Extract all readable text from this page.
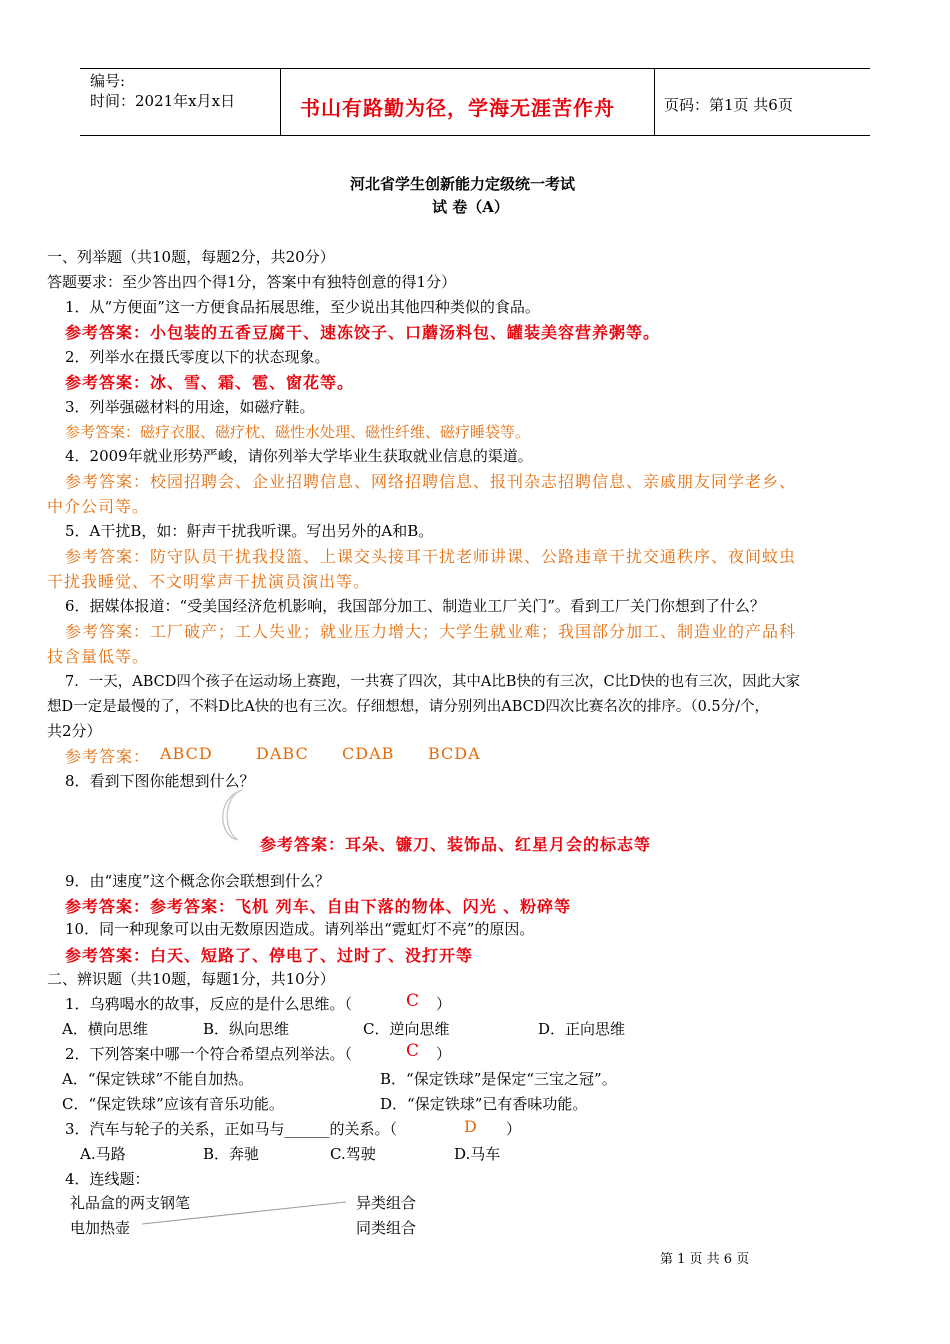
编号:
时间：2021年x月x日	书山有路勤为径，学海无涯苦作舟	页码：第1页 共6页
河北省学生创新能力定级统一考试
试 卷（A）
一、列举题（共10题，每题2分，共20分）
答题要求：至少答出四个得1分，答案中有独特创意的得1分）
1．从“方便面”这一方便食品拓展思维，至少说出其他四种类似的食品。
参考答案：小包装的五香豆腐干、速冻饺子、口蘑汤料包、罐装美容营养粥等。
2．列举水在摄氏零度以下的状态现象。
参考答案：冰、雪、霜、雹、窗花等。
3．列举强磁材料的用途，如磁疗鞋。
参考答案：磁疗衣服、磁疗枕、磁性水处理、磁性纤维、磁疗睡袋等。
4．2009年就业形势严峻，请你列举大学毕业生获取就业信息的渠道。
参考答案：校园招聘会、企业招聘信息、网络招聘信息、报刊杂志招聘信息、亲戚朋友同学老乡、
中介公司等。
5．A干扰B，如：鼾声干扰我听课。写出另外的A和B。
参考答案：防守队员干扰我投篮、上课交头接耳干扰老师讲课、公路违章干扰交通秩序、夜间蚊虫
干扰我睡觉、不文明掌声干扰演员演出等。
6．据媒体报道：“受美国经济危机影响，我国部分加工、制造业工厂关门”。看到工厂关门你想到了什么？
参考答案：工厂破产；工人失业；就业压力增大；大学生就业难；我国部分加工、制造业的产品科
技含量低等。
7．一天，ABCD四个孩子在运动场上赛跑，一共赛了四次，其中A比B快的有三次，C比D快的也有三次，因此大家
想D一定是最慢的了，不料D比A快的也有三次。仔细想想，请分别列出ABCD四次比赛名次的排序。（0.5分/个，
共2分）
参考答案： ABCD	DABC CDAB BCDA
8．看到下图你能想到什么？
参考答案：耳朵、镰刀、装饰品、红星月会的标志等
9．由“速度”这个概念你会联想到什么？
参考答案：参考答案：飞机 列车、自由下落的物体、闪光 、粉碎等
10．同一种现象可以由无数原因造成。请列举出“霓虹灯不亮”的原因。
参考答案：白天、短路了、停电了、过时了、没打开等
二、辨识题（共10题，每题1分，共10分）
1．乌鸦喝水的故事，反应的是什么思维。（	C ）
A．横向思维	B．纵向思维	C．逆向思维	D．正向思维
2．下列答案中哪一个符合希望点列举法。（	C ）
A．“保定铁球”不能自加热。	B．“保定铁球”是保定“三宝之冠”。
C．“保定铁球”应该有音乐功能。	D．“保定铁球”已有香味功能。
3．汽车与轮子的关系，正如马与______的关系。（	D ）
A.马路	B．奔驰	C.驾驶	D.马车
4．连线题：
礼品盒的两支钢笔
电加热壶
异类组合
同类组合
第 1 页 共 6 页
